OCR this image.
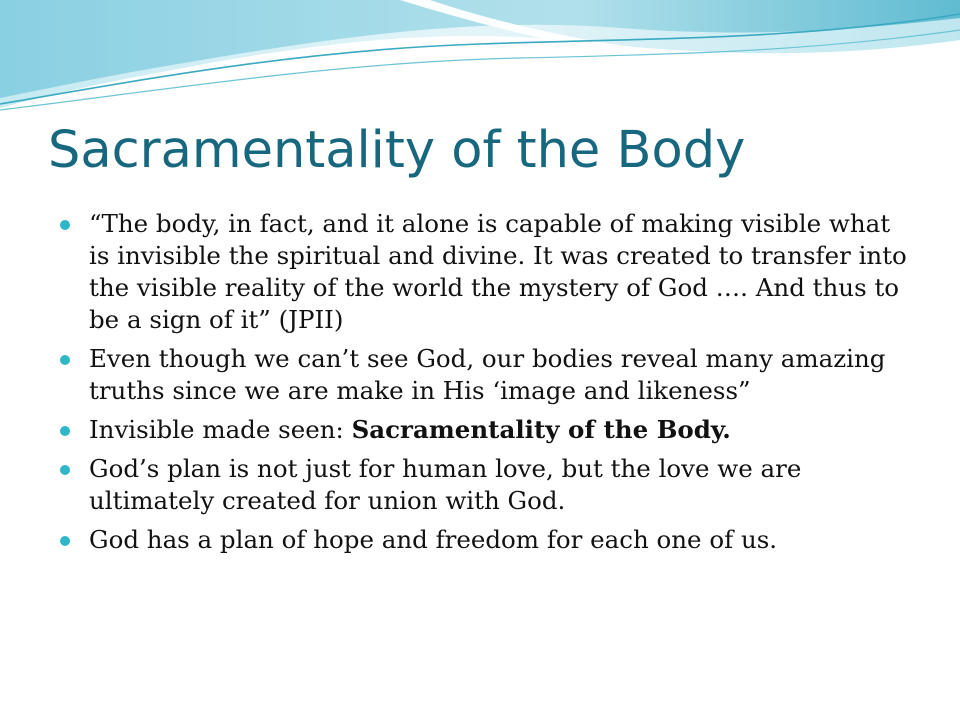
Sacramentality of the Body
“The body, in fact, and it alone is capable of making visible what is invisible the spiritual and divine. It was created to transfer into the visible reality of the world the mystery of God …. And thus to be a sign of it” (JPII)
Even though we can’t see God, our bodies reveal many amazing truths since we are make in His ‘image and likeness”
Invisible made seen: Sacramentality of the Body.
God’s plan is not just for human love, but the love we are ultimately created for union with God.
God has a plan of hope and freedom for each one of us.
